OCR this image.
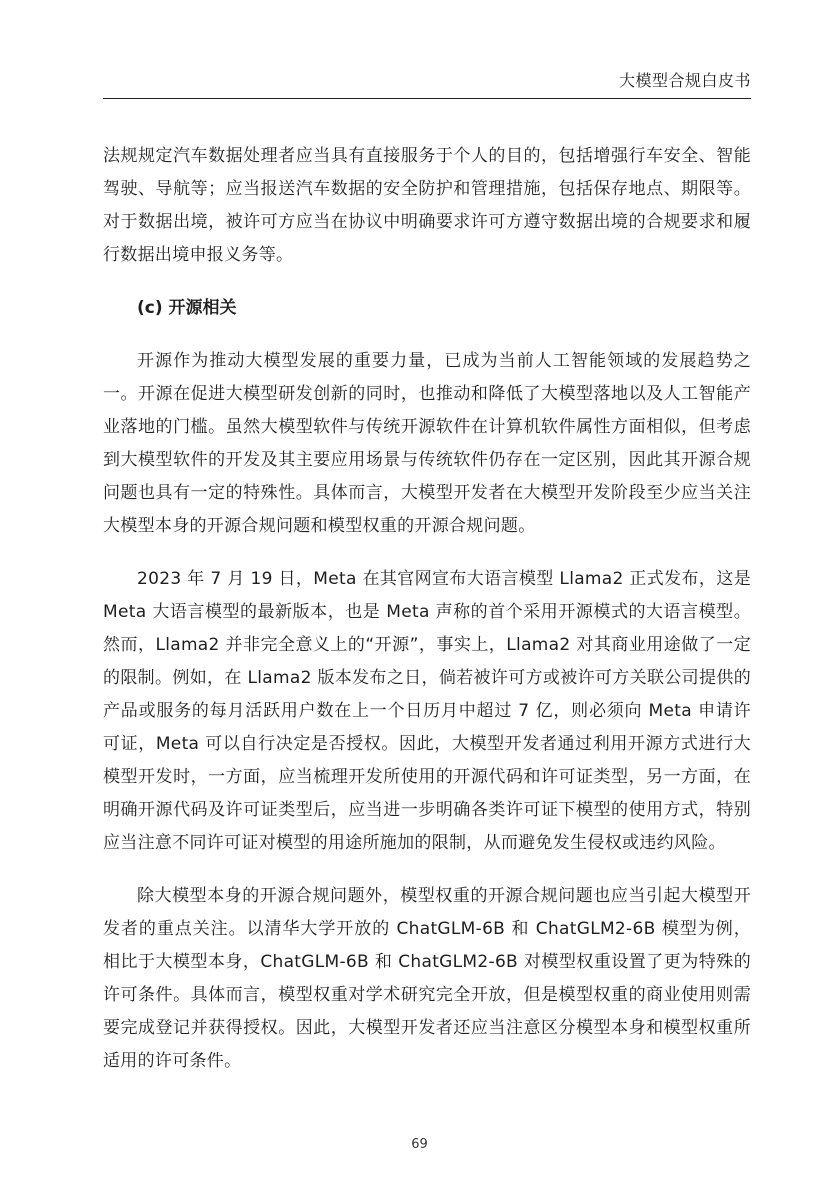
大模型合规白皮书

法规规定汽车数据处理者应当具有直接服务于个人的目的，包括增强行车安全、智能驾驶、导航等；应当报送汽车数据的安全防护和管理措施，包括保存地点、期限等。对于数据出境，被许可方应当在协议中明确要求许可方遵守数据出境的合规要求和履行数据出境申报义务等。

(c) 开源相关

开源作为推动大模型发展的重要力量，已成为当前人工智能领域的发展趋势之一。开源在促进大模型研发创新的同时，也推动和降低了大模型落地以及人工智能产业落地的门槛。虽然大模型软件与传统开源软件在计算机软件属性方面相似，但考虑到大模型软件的开发及其主要应用场景与传统软件仍存在一定区别，因此其开源合规问题也具有一定的特殊性。具体而言，大模型开发者在大模型开发阶段至少应当关注大模型本身的开源合规问题和模型权重的开源合规问题。

2023 年 7 月 19 日，Meta 在其官网宣布大语言模型 Llama2 正式发布，这是 Meta 大语言模型的最新版本，也是 Meta 声称的首个采用开源模式的大语言模型。然而，Llama2 并非完全意义上的“开源”，事实上，Llama2 对其商业用途做了一定的限制。例如，在 Llama2 版本发布之日，倘若被许可方或被许可方关联公司提供的产品或服务的每月活跃用户数在上一个日历月中超过 7 亿，则必须向 Meta 申请许可证，Meta 可以自行决定是否授权。因此，大模型开发者通过利用开源方式进行大模型开发时，一方面，应当梳理开发所使用的开源代码和许可证类型，另一方面，在明确开源代码及许可证类型后，应当进一步明确各类许可证下模型的使用方式，特别应当注意不同许可证对模型的用途所施加的限制，从而避免发生侵权或违约风险。

除大模型本身的开源合规问题外，模型权重的开源合规问题也应当引起大模型开发者的重点关注。以清华大学开放的 ChatGLM-6B 和 ChatGLM2-6B 模型为例，相比于大模型本身，ChatGLM-6B 和 ChatGLM2-6B 对模型权重设置了更为特殊的许可条件。具体而言，模型权重对学术研究完全开放，但是模型权重的商业使用则需要完成登记并获得授权。因此，大模型开发者还应当注意区分模型本身和模型权重所适用的许可条件。

69
